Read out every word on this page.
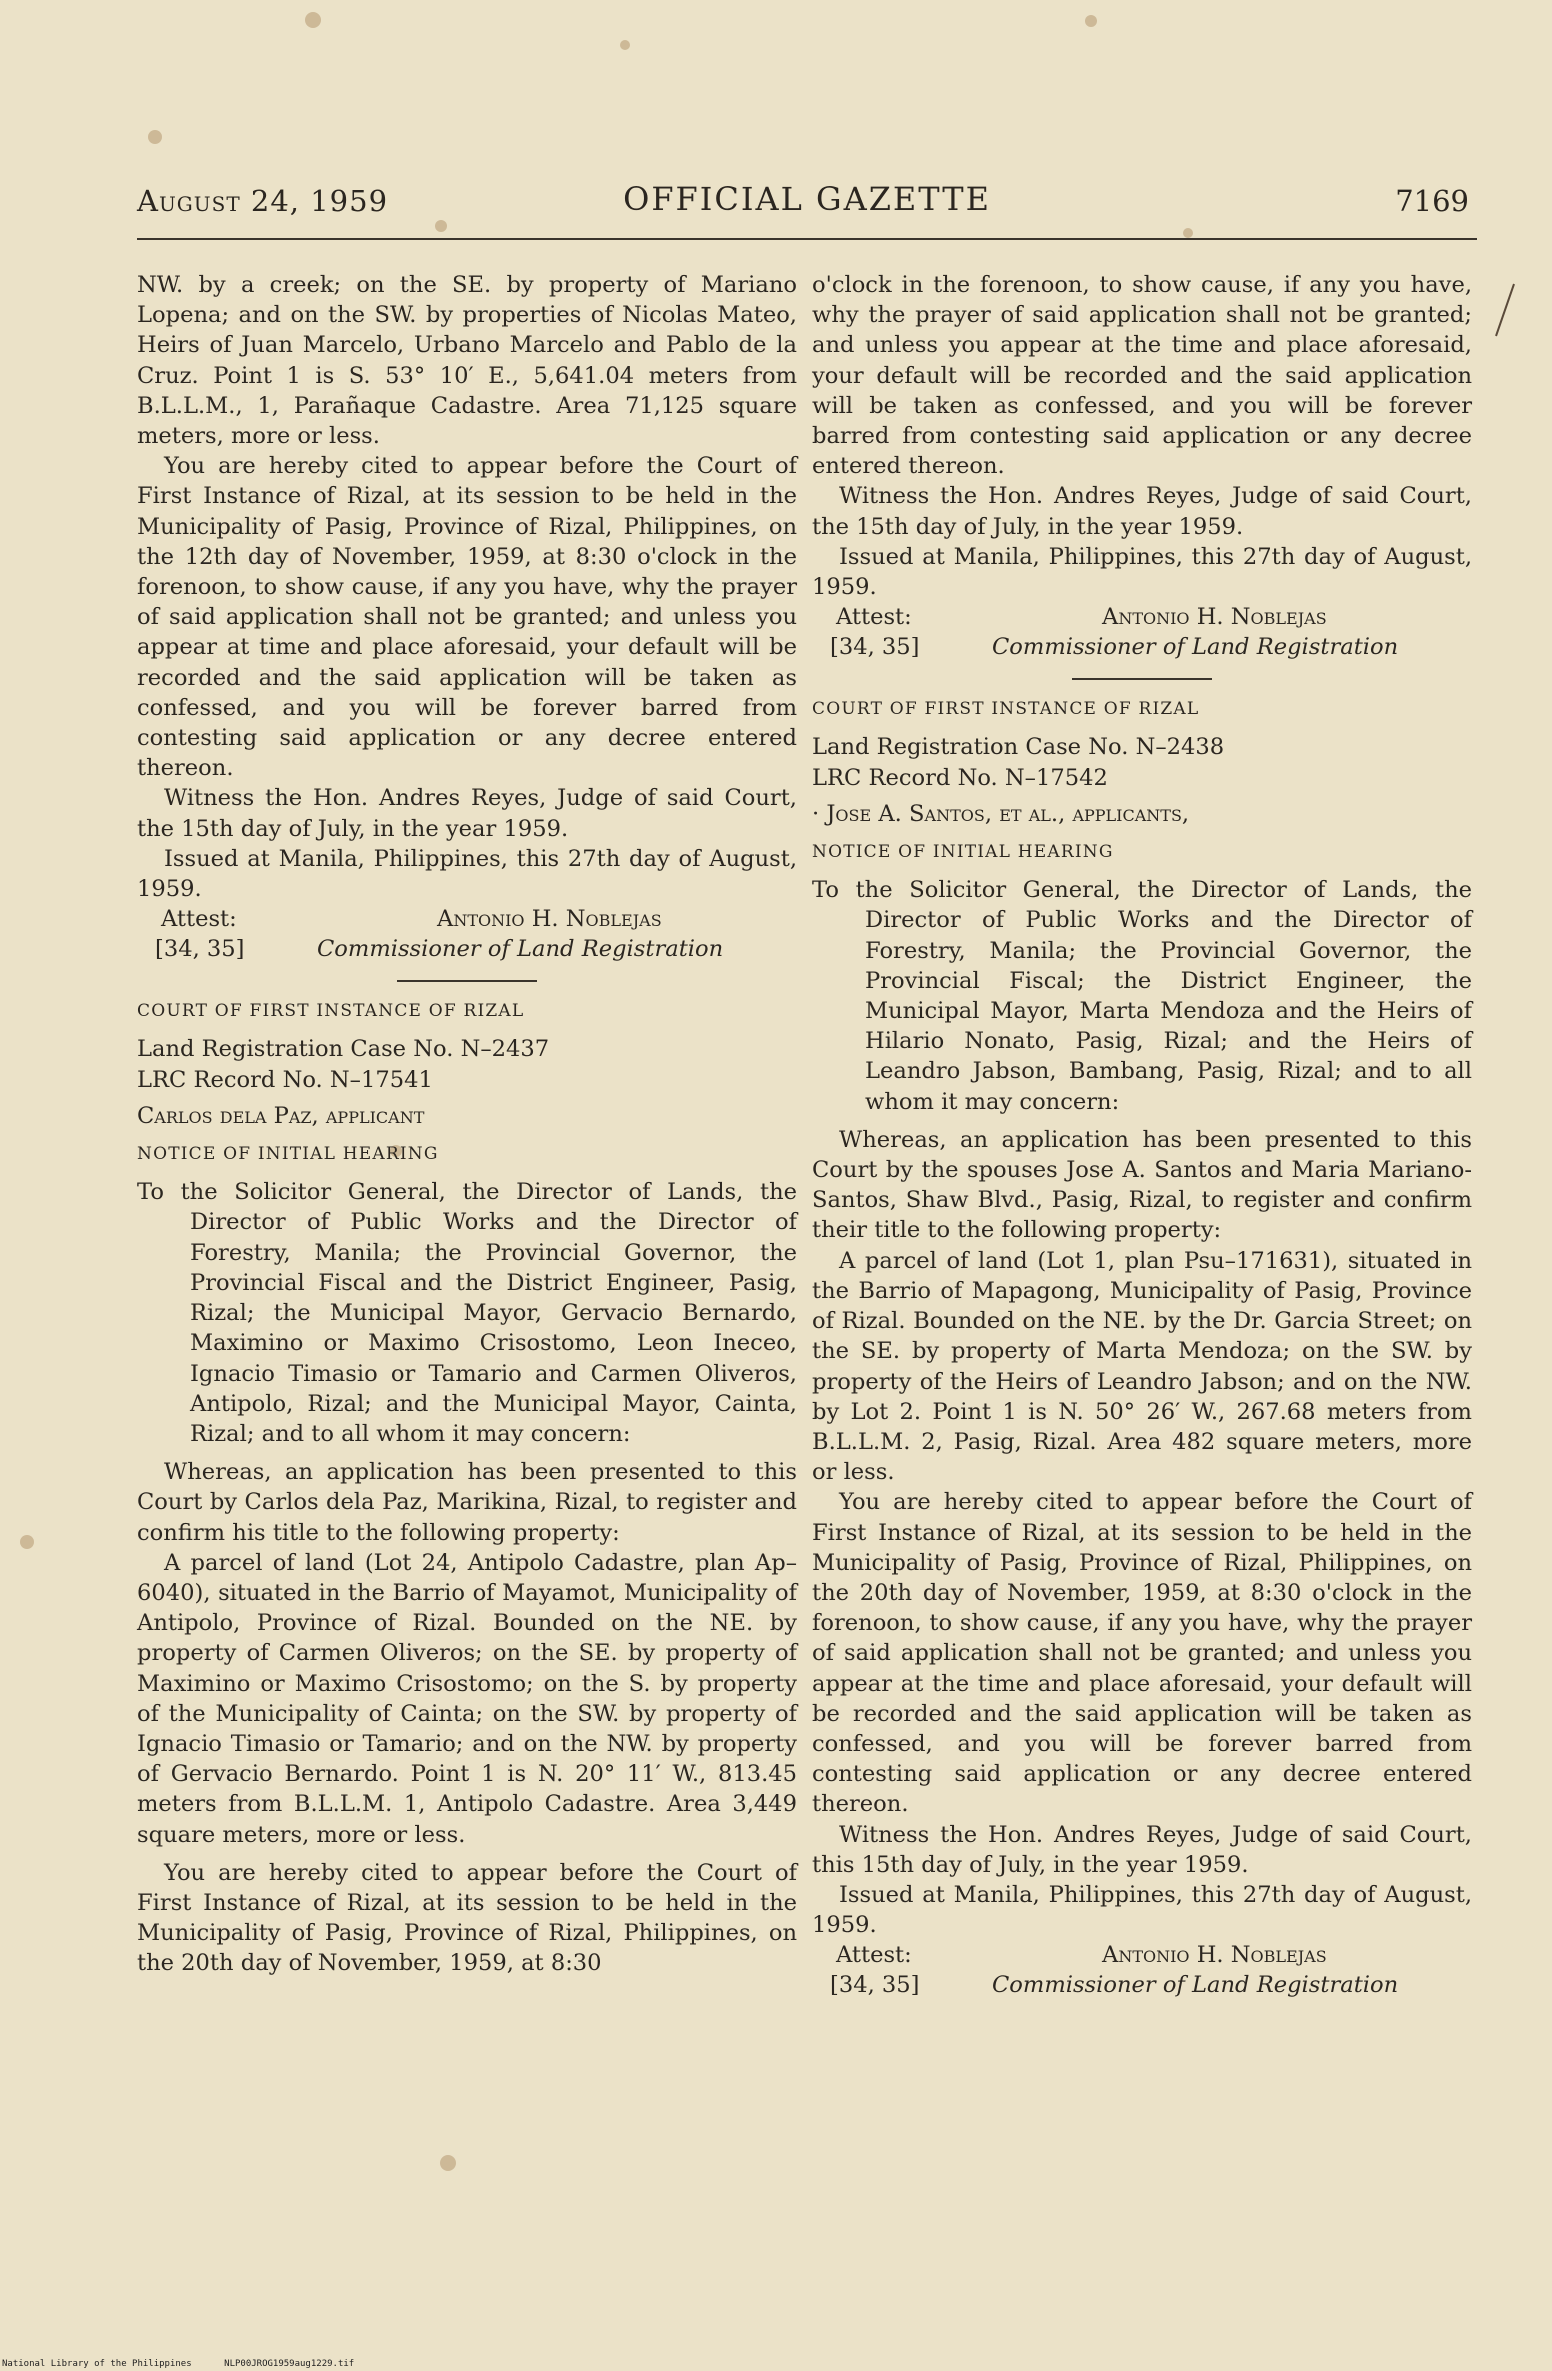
August 24, 1959	OFFICIAL GAZETTE	7169

NW. by a creek; on the SE. by property of Mariano Lopena; and on the SW. by properties of Nicolas Mateo, Heirs of Juan Marcelo, Urbano Marcelo and Pablo de la Cruz. Point 1 is S. 53° 10′ E., 5,641.04 meters from B.L.L.M., 1, Parañaque Cadastre. Area 71,125 square meters, more or less.

You are hereby cited to appear before the Court of First Instance of Rizal, at its session to be held in the Municipality of Pasig, Province of Rizal, Philippines, on the 12th day of November, 1959, at 8:30 o'clock in the forenoon, to show cause, if any you have, why the prayer of said application shall not be granted; and unless you appear at time and place aforesaid, your default will be recorded and the said application will be taken as confessed, and you will be forever barred from contesting said application or any decree entered thereon.

Witness the Hon. Andres Reyes, Judge of said Court, the 15th day of July, in the year 1959.

Issued at Manila, Philippines, this 27th day of August, 1959.

Attest:	Antonio H. Noblejas
[34, 35]	Commissioner of Land Registration

COURT OF FIRST INSTANCE OF RIZAL

Land Registration Case No. N–2437

LRC Record No. N–17541

Carlos dela Paz, applicant

NOTICE OF INITIAL HEARING

To the Solicitor General, the Director of Lands, the Director of Public Works and the Director of Forestry, Manila; the Provincial Governor, the Provincial Fiscal and the District Engineer, Pasig, Rizal; the Municipal Mayor, Gervacio Bernardo, Maximino or Maximo Crisostomo, Leon Ineceo, Ignacio Timasio or Tamario and Carmen Oliveros, Antipolo, Rizal; and the Municipal Mayor, Cainta, Rizal; and to all whom it may concern:

Whereas, an application has been presented to this Court by Carlos dela Paz, Marikina, Rizal, to register and confirm his title to the following property:

A parcel of land (Lot 24, Antipolo Cadastre, plan Ap–6040), situated in the Barrio of Mayamot, Municipality of Antipolo, Province of Rizal. Bounded on the NE. by property of Carmen Oliveros; on the SE. by property of Maximino or Maximo Crisostomo; on the S. by property of the Municipality of Cainta; on the SW. by property of Ignacio Timasio or Tamario; and on the NW. by property of Gervacio Bernardo. Point 1 is N. 20° 11′ W., 813.45 meters from B.L.L.M. 1, Antipolo Cadastre. Area 3,449 square meters, more or less.

You are hereby cited to appear before the Court of First Instance of Rizal, at its session to be held in the Municipality of Pasig, Province of Rizal, Philippines, on the 20th day of November, 1959, at 8:30

o'clock in the forenoon, to show cause, if any you have, why the prayer of said application shall not be granted; and unless you appear at the time and place aforesaid, your default will be recorded and the said application will be taken as confessed, and you will be forever barred from contesting said application or any decree entered thereon.

Witness the Hon. Andres Reyes, Judge of said Court, the 15th day of July, in the year 1959.

Issued at Manila, Philippines, this 27th day of August, 1959.

Attest:	Antonio H. Noblejas
[34, 35]	Commissioner of Land Registration

COURT OF FIRST INSTANCE OF RIZAL

Land Registration Case No. N–2438

LRC Record No. N–17542

· Jose A. Santos, et al., applicants,

NOTICE OF INITIAL HEARING

To the Solicitor General, the Director of Lands, the Director of Public Works and the Director of Forestry, Manila; the Provincial Governor, the Provincial Fiscal; the District Engineer, the Municipal Mayor, Marta Mendoza and the Heirs of Hilario Nonato, Pasig, Rizal; and the Heirs of Leandro Jabson, Bambang, Pasig, Rizal; and to all whom it may concern:

Whereas, an application has been presented to this Court by the spouses Jose A. Santos and Maria Mariano-Santos, Shaw Blvd., Pasig, Rizal, to register and confirm their title to the following property:

A parcel of land (Lot 1, plan Psu–171631), situated in the Barrio of Mapagong, Municipality of Pasig, Province of Rizal. Bounded on the NE. by the Dr. Garcia Street; on the SE. by property of Marta Mendoza; on the SW. by property of the Heirs of Leandro Jabson; and on the NW. by Lot 2. Point 1 is N. 50° 26′ W., 267.68 meters from B.L.L.M. 2, Pasig, Rizal. Area 482 square meters, more or less.

You are hereby cited to appear before the Court of First Instance of Rizal, at its session to be held in the Municipality of Pasig, Province of Rizal, Philippines, on the 20th day of November, 1959, at 8:30 o'clock in the forenoon, to show cause, if any you have, why the prayer of said application shall not be granted; and unless you appear at the time and place aforesaid, your default will be recorded and the said application will be taken as confessed, and you will be forever barred from contesting said application or any decree entered thereon.

Witness the Hon. Andres Reyes, Judge of said Court, this 15th day of July, in the year 1959.

Issued at Manila, Philippines, this 27th day of August, 1959.

Attest:	Antonio H. Noblejas
[34, 35]	Commissioner of Land Registration
National Library of the Philippines      NLP00JROG1959aug1229.tif
